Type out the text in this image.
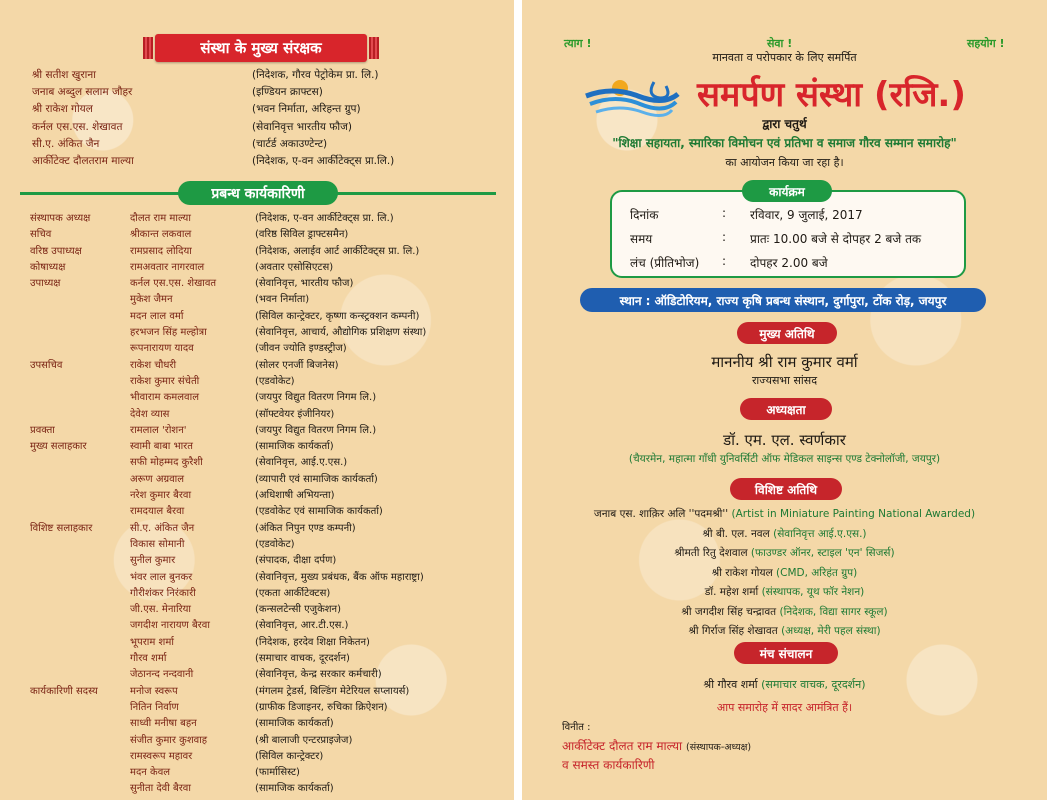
संस्था के मुख्य संरक्षक
श्री सतीश खुराना	(निदेशक, गौरव पेट्रोकेम प्रा. लि.)
जनाब अब्दुल सलाम जौहर	(इण्डियन क्राफ्टस)
श्री राकेश गोयल	(भवन निर्माता, अरिहन्त ग्रुप)
कर्नल एस.एस. शेखावत	(सेवानिवृत्त भारतीय फौज)
सी.ए. अंकित जैन	(चार्टर्ड अकाउण्टेन्ट)
आर्कीटेक्ट दौलतराम माल्या	(निदेशक, ए-वन आर्कीटेक्ट्स प्रा.लि.)
प्रबन्ध कार्यकारिणी
संस्थापक अध्यक्ष	दौलत राम माल्या	(निदेशक, ए-वन आर्कीटेक्ट्स प्रा. लि.)
सचिव	श्रीकान्त लकवाल	(वरिष्ठ सिविल ड्राफ्टसमैन)
वरिष्ठ उपाध्यक्ष	रामप्रसाद लोदिया	(निदेशक, अलाईव आर्ट आर्कीटेक्ट्स प्रा. लि.)
कोषाध्यक्ष	रामअवतार नागरवाल	(अवतार एसोसिएटस)
उपाध्यक्ष	कर्नल एस.एस. शेखावत	(सेवानिवृत्त, भारतीय फौज)
मुकेश जैमन	(भवन निर्माता)
मदन लाल वर्मा	(सिविल कान्ट्रेक्टर, कृष्णा कन्स्ट्रक्शन कम्पनी)
हरभजन सिंह मल्होत्रा	(सेवानिवृत्त, आचार्य, औद्योगिक प्रशिक्षण संस्था)
रूपनारायण यादव	(जीवन ज्योति इण्डस्ट्रीज)
उपसचिव	राकेश चौधरी	(सोलर एनर्जी बिजनेस)
राकेश कुमार संचेती	(एडवोकेट)
भीवाराम कमलवाल	(जयपुर विद्युत वितरण निगम लि.)
देवेश व्यास	(सॉफ्टवेयर इंजीनियर)
प्रवक्ता	रामलाल 'रोशन'	(जयपुर विद्युत वितरण निगम लि.)
मुख्य सलाहकार	स्वामी बाबा भारत	(सामाजिक कार्यकर्ता)
सफी मोहम्मद कुरैशी	(सेवानिवृत्त, आई.ए.एस.)
अरूण अग्रवाल	(व्यापारी एवं सामाजिक कार्यकर्ता)
नरेश कुमार बैरवा	(अधिशाषी अभियन्ता)
रामदयाल बैरवा	(एडवोकेट एवं सामाजिक कार्यकर्ता)
विशिष्ट सलाहकार	सी.ए. अंकित जैन	(अंकित निपुन एण्ड कम्पनी)
विकास सोमानी	(एडवोकेट)
सुनील कुमार	(संपादक, दीक्षा दर्पण)
भंवर लाल बुनकर	(सेवानिवृत्त, मुख्य प्रबंधक, बैंक ऑफ महाराष्ट्रा)
गौरीशंकर निरंकारी	(एकता आर्कीटेक्टस)
जी.एस. मेनारिया	(कन्सलटेन्सी एजुकेशन)
जगदीश नारायण बैरवा	(सेवानिवृत्त, आर.टी.एस.)
भूपराम शर्मा	(निदेशक, हरदेव शिक्षा निकेतन)
गौरव शर्मा	(समाचार वाचक, दूरदर्शन)
जेठानन्द नन्दवानी	(सेवानिवृत्त, केन्द्र सरकार कर्मचारी)
कार्यकारिणी सदस्य	मनोज स्वरूप	(मंगलम ट्रेडर्स, बिल्डिंग मेटेरियल सप्लायर्स)
नितिन निर्वाण	(ग्राफीक डिजाइनर, रुचिका क्रिऐशन)
साध्वी मनीषा बहन	(सामाजिक कार्यकर्ता)
संजीत कुमार कुशवाह	(श्री बालाजी एन्टरप्राइजेज)
रामस्वरूप महावर	(सिविल कान्ट्रेक्टर)
मदन केवल	(फार्मासिस्ट)
सुनीता देवी बैरवा	(सामाजिक कार्यकर्ता)
त्याग !	सेवा !	सहयोग !
मानवता व परोपकार के लिए समर्पित
समर्पण संस्था (रजि.)
द्वारा चतुर्थ
"शिक्षा सहायता, स्मारिका विमोचन एवं प्रतिभा व समाज गौरव सम्मान समारोह"
का आयोजन किया जा रहा है।
दिनांक	:	रविवार, 9 जुलाई, 2017
समय	:	प्रातः 10.00 बजे से दोपहर 2 बजे तक
लंच (प्रीतिभोज)	:	दोपहर 2.00 बजे
कार्यक्रम
स्थान : ऑडिटोरियम, राज्य कृषि प्रबन्ध संस्थान, दुर्गापुरा, टोंक रोड़, जयपुर
मुख्य अतिथि
माननीय श्री राम कुमार वर्मा
राज्यसभा सांसद
अध्यक्षता
डॉ. एम. एल. स्वर्णकार
(चैयरमेन, महात्मा गाँधी युनिवर्सिटी ऑफ मेडिकल साइन्स एण्ड टेक्नोलॉजी, जयपुर)
विशिष्ट अतिथि
जनाब एस. शाक़िर अलि ''पदमश्री'' (Artist in Miniature Painting National Awarded)
श्री बी. एल. नवल (सेवानिवृत्त आई.ए.एस.)
श्रीमती रितु देशवाल (फाउण्डर ऑनर, स्टाइल 'एन' सिजर्स)
श्री राकेश गोयल (CMD, अरिहंत ग्रुप)
डॉ. महेश शर्मा (संस्थापक, यूथ फॉर नेशन)
श्री जगदीश सिंह चन्द्रावत (निदेशक, विद्या सागर स्कूल)
श्री गिर्राज सिंह शेखावत (अध्यक्ष, मेरी पहल संस्था)
मंच संचालन
श्री गौरव शर्मा (समाचार वाचक, दूरदर्शन)
आप समारोह में सादर आमंत्रित हैं।
विनीत :
आर्कीटेक्ट दौलत राम माल्या (संस्थापक-अध्यक्ष)
व समस्त कार्यकारिणी
